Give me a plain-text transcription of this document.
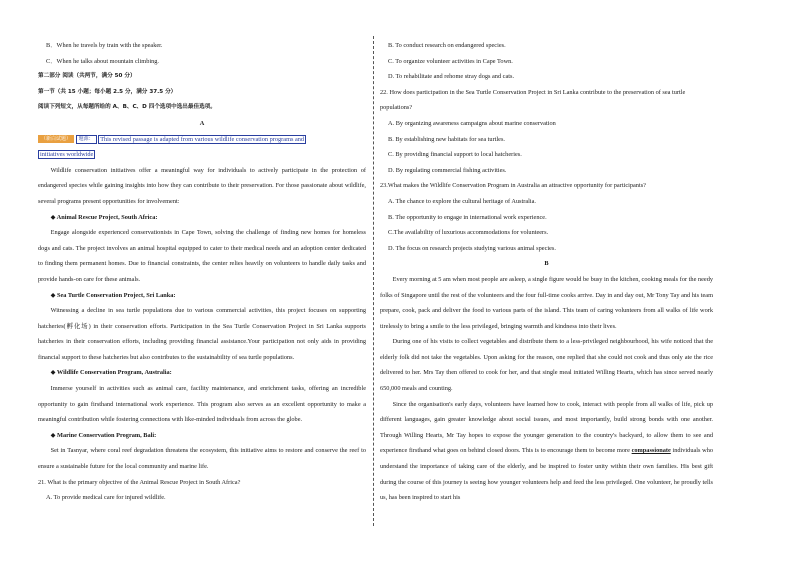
B．When he travels by train with the speaker.

C．When he talks about mountain climbing.

第二部分 阅读（共两节，满分 50 分）

第一节（共 15 小题；每小题 2.5 分，满分 37.5 分）

阅读下列短文，从每题所给的 A、B、C、D 四个选项中选出最佳选项。

A

（新白试题） 题源： This revised passage is adapted from various wildlife conservation programs and

initiatives worldwide

Wildlife conservation initiatives offer a meaningful way for individuals to actively participate in the protection of endangered species while gaining insights into how they can contribute to their preservation. For those passionate about wildlife, several programs present opportunities for involvement:

◆ Animal Rescue Project, South Africa:

Engage alongside experienced conservationists in Cape Town, solving the challenge of finding new homes for homeless dogs and cats. The project involves an animal hospital equipped to cater to their medical needs and an adoption center dedicated to finding them permanent homes. Due to financial constraints, the center relies heavily on volunteers to handle daily tasks and provide hands-on care for these animals.

◆ Sea Turtle Conservation Project, Sri Lanka:

Witnessing a decline in sea turtle populations due to various commercial activities, this project focuses on supporting hatcheries(孵化场) in their conservation efforts. Participation in the Sea Turtle Conservation Project in Sri Lanka supports hatcheries in their conservation efforts, including providing financial assistance.Your participation not only aids in providing financial support to these hatcheries but also contributes to the sustainability of sea turtle populations.

◆ Wildlife Conservation Program, Australia:

Immerse yourself in activities such as animal care, facility maintenance, and enrichment tasks, offering an incredible opportunity to gain firsthand international work experience. This program also serves as an excellent opportunity to make a meaningful contribution while fostering connections with like-minded individuals from across the globe.

◆ Marine Conservation Program, Bali:

Set in Tasnyar, where coral reef degradation threatens the ecosystem, this initiative aims to restore and conserve the reef to ensure a sustainable future for the local community and marine life.

21. What is the primary objective of the Animal Rescue Project in South Africa?

A. To provide medical care for injured wildlife.

B. To conduct research on endangered species.

C. To organize volunteer activities in Cape Town.

D. To rehabilitate and rehome stray dogs and cats.

22. How does participation in the Sea Turtle Conservation Project in Sri Lanka contribute to the preservation of sea turtle populations?

A. By organizing awareness campaigns about marine conservation

B. By establishing new habitats for sea turtles.

C. By providing financial support to local hatcheries.

D. By regulating commercial fishing activities.

23.What makes the Wildlife Conservation Program in Australia an attractive opportunity for participants?

A. The chance to explore the cultural heritage of Australia.

B. The opportunity to engage in international work experience.

C.The availability of luxurious accommodations for volunteers.

D. The focus on research projects studying various animal species.

B

Every morning at 5 am when most people are asleep, a single figure would be busy in the kitchen, cooking meals for the needy folks of Singapore until the rest of the volunteers and the four full-time cooks arrive. Day in and day out, Mr Tony Tay and his team prepare, cook, pack and deliver the food to various parts of the island. This team of caring volunteers from all walks of life work tirelessly to bring a smile to the less privileged, bringing warmth and kindness into their lives.

During one of his visits to collect vegetables and distribute them to a less-privileged neighbourhood, his wife noticed that the elderly folk did not take the vegetables. Upon asking for the reason, one replied that she could not cook and thus only ate the rice delivered to her. Mrs Tay then offered to cook for her, and that single meal initiated Willing Hearts, which has since served nearly 650,000 meals and counting.

Since the organisation's early days, volunteers have learned how to cook, interact with people from all walks of life, pick up different languages, gain greater knowledge about social issues, and most importantly, build strong bonds with one another. Through Willing Hearts, Mr Tay hopes to expose the younger generation to the country's backyard, to allow them to see and experience firsthand what goes on behind closed doors. This is to encourage them to become more compassionate individuals who understand the importance of taking care of the elderly, and be inspired to foster unity within their own families. His best gift during the course of this journey is seeing how younger volunteers help and feed the less privileged. One volunteer, he proudly tells us, has been inspired to start his
